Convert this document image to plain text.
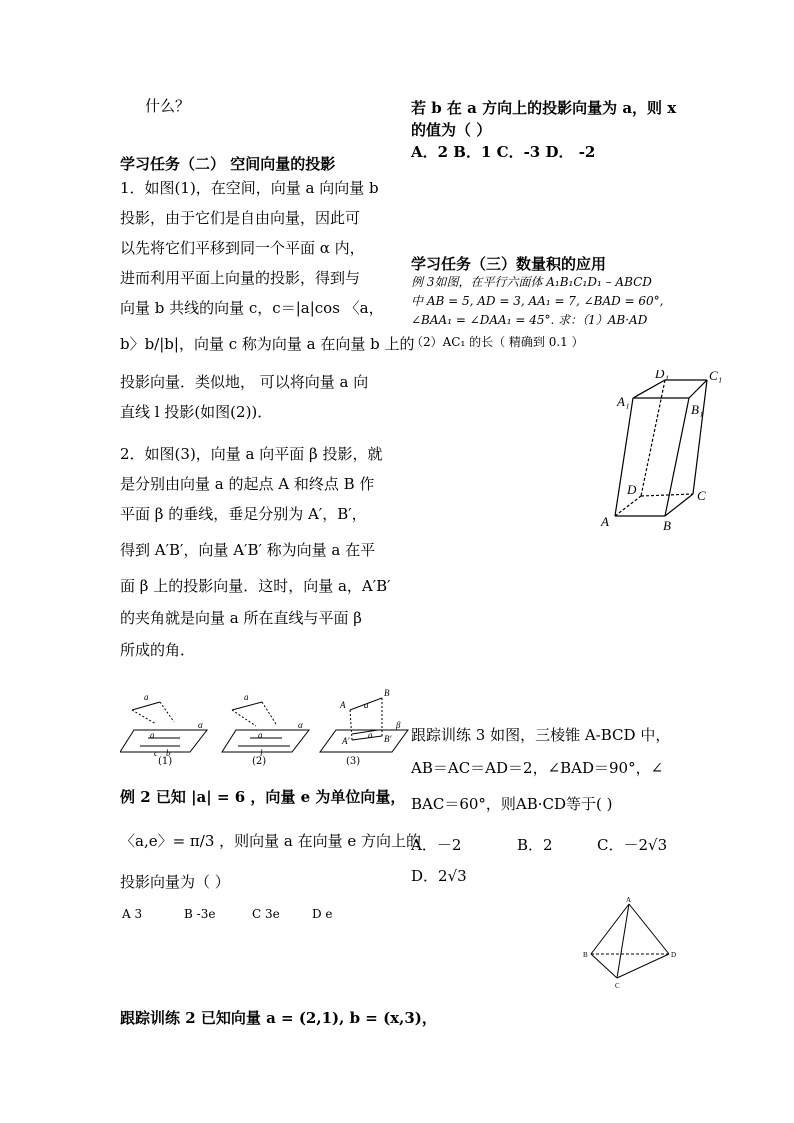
什么？
学习任务（二） 空间向量的投影
1．如图(1)，在空间，向量 a 向向量 b
投影，由于它们是自由向量，因此可
以先将它们平移到同一个平面 α 内，
进而利用平面上向量的投影，得到与
向量 b 共线的向量 c，c＝|a|cos 〈a，
b〉b/|b|，向量 c 称为向量 a 在向量 b 上的
投影向量．类似地， 可以将向量 a 向
直线 l 投影(如图(2))．
2．如图(3)，向量 a 向平面 β 投影，就
是分别由向量 a 的起点 A 和终点 B 作
平面 β 的垂线，垂足分别为 A′，B′，
得到 A′B′，向量 A′B′ 称为向量 a 在平
面 β 上的投影向量．这时，向量 a，A′B′
的夹角就是向量 a 所在直线与平面 β
所成的角．
a
a
c b
α
a
a
l
α
A
B
a
a
A′	B′
β
(1)	(2)	(3)
例 2 已知 |a| = 6 ，向量 e 为单位向量，
〈a,e〉= π/3 ，则向量 a 在向量 e 方向上的
投影向量为（ ）
A 3	B -3e	C 3e	D e
跟踪训练 2 已知向量 a = (2,1), b = (x,3)，
若 b 在 a 方向上的投影向量为 a，则 x
的值为（ ）
A．2 B．1 C．-3 D． -2
学习任务（三）数量积的应用
例 3如图，在平行六面体 A₁B₁C₁D₁ – ABCD
中 AB = 5, AD = 3, AA₁ = 7, ∠BAD = 60°,
∠BAA₁ = ∠DAA₁ = 45°. 求：（1）AB·AD
（2）AC₁ 的长（ 精确到 0.1 ）
D₁	C₁
A₁
B₁
D	C
A	B
跟踪训练 3 如图，三棱锥 A-BCD 中，
AB＝AC＝AD＝2，∠BAD＝90°，∠
BAC＝60°，则AB·CD等于( )
A．－2	B．2	C．－2√3
D．2√3
A
B	D
C
